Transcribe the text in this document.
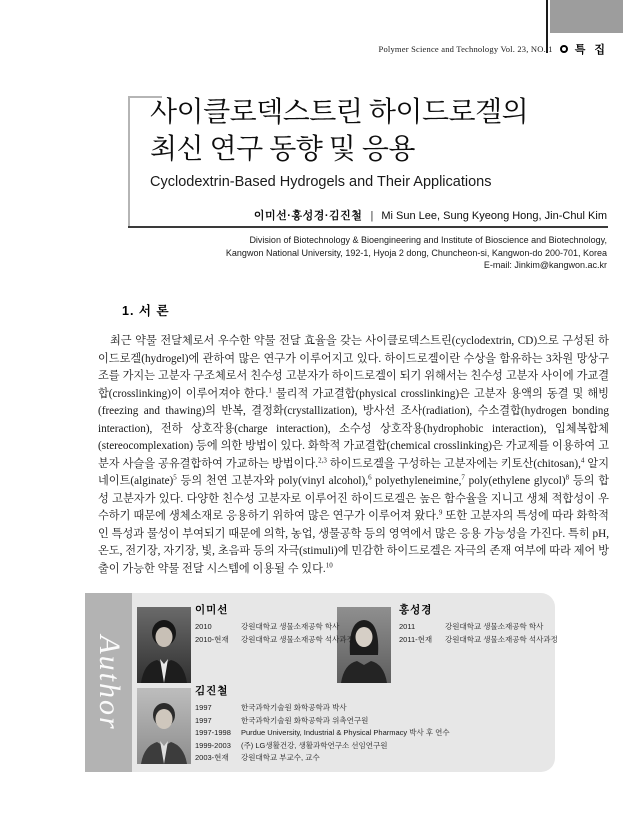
Polymer Science and Technology Vol. 23, NO. 1 특 집
사이클로덱스트린 하이드로겔의
최신 연구 동향 및 응용
Cyclodextrin-Based Hydrogels and Their Applications
이미선·홍성경·김진철 | Mi Sun Lee, Sung Kyeong Hong, Jin-Chul Kim
Division of Biotechnology & Bioengineering and Institute of Bioscience and Biotechnology,
Kangwon National University, 192-1, Hyoja 2 dong, Chuncheon-si, Kangwon-do 200-701, Korea
E-mail: Jinkim@kangwon.ac.kr
1. 서 론
최근 약물 전달체로서 우수한 약물 전달 효율을 갖는 사이클로덱스트린(cyclodextrin, CD)으로 구성된 하이드로겔(hydrogel)에 관하여 많은 연구가 이루어지고 있다. 하이드로겔이란 수상을 함유하는 3차원 망상구조를 가지는 고분자 구조체로서 친수성 고분자가 하이드로겔이 되기 위해서는 친수성 고분자 사이에 가교결합(crosslinking)이 이루어져야 한다.$^1$ 물리적 가교결합(physical crosslinking)은 고분자 용액의 동결 및 해빙(freezing and thawing)의 반복, 결정화(crystallization), 방사선 조사(radiation), 수소결합(hydrogen bonding interaction), 전하 상호작용(charge interaction), 소수성 상호작용(hydrophobic interaction), 입체복합체(stereocomplexation) 등에 의한 방법이 있다. 화학적 가교결합(chemical crosslinking)은 가교제를 이용하여 고분자 사슬을 공유결합하여 가교하는 방법이다.$^{2,3}$ 하이드로겔을 구성하는 고분자에는 키토산(chitosan),$^4$ 알지네이트(alginate)$^5$ 등의 천연 고분자와 poly(vinyl alcohol),$^6$ polyethyleneimine,$^7$ poly(ethylene glycol)$^8$ 등의 합성 고분자가 있다. 다양한 친수성 고분자로 이루어진 하이드로겔은 높은 함수율을 지니고 생체 적합성이 우수하기 때문에 생체소재로 응용하기 위하여 많은 연구가 이루어져 왔다.$^9$ 또한 고분자의 특성에 따라 화학적인 특성과 물성이 부여되기 때문에 의학, 농업, 생물공학 등의 영역에서 많은 응용 가능성을 가진다. 특히 pH, 온도, 전기장, 자기장, 빛, 초음파 등의 자극(stimuli)에 민감한 하이드로겔은 자극의 존재 여부에 따라 제어 방출이 가능한 약물 전달 시스템에 이용될 수 있다.$^{10}$
Author
이미선
2010	강원대학교 생물소재공학 학사
2010-현재 강원대학교 생물소재공학 석사과정
홍성경
2011	강원대학교 생물소재공학 학사
2011-현재 강원대학교 생물소재공학 석사과정
김진철
1997	한국과학기술원 화학공학과 박사
1997	한국과학기술원 화학공학과 위촉연구원
1997-1998 Purdue University, Industrial & Physical Pharmacy 박사 후 연수
1999-2003 (주) LG생활건강, 생활과학연구소 선임연구원
2003-현재 강원대학교 부교수, 교수
